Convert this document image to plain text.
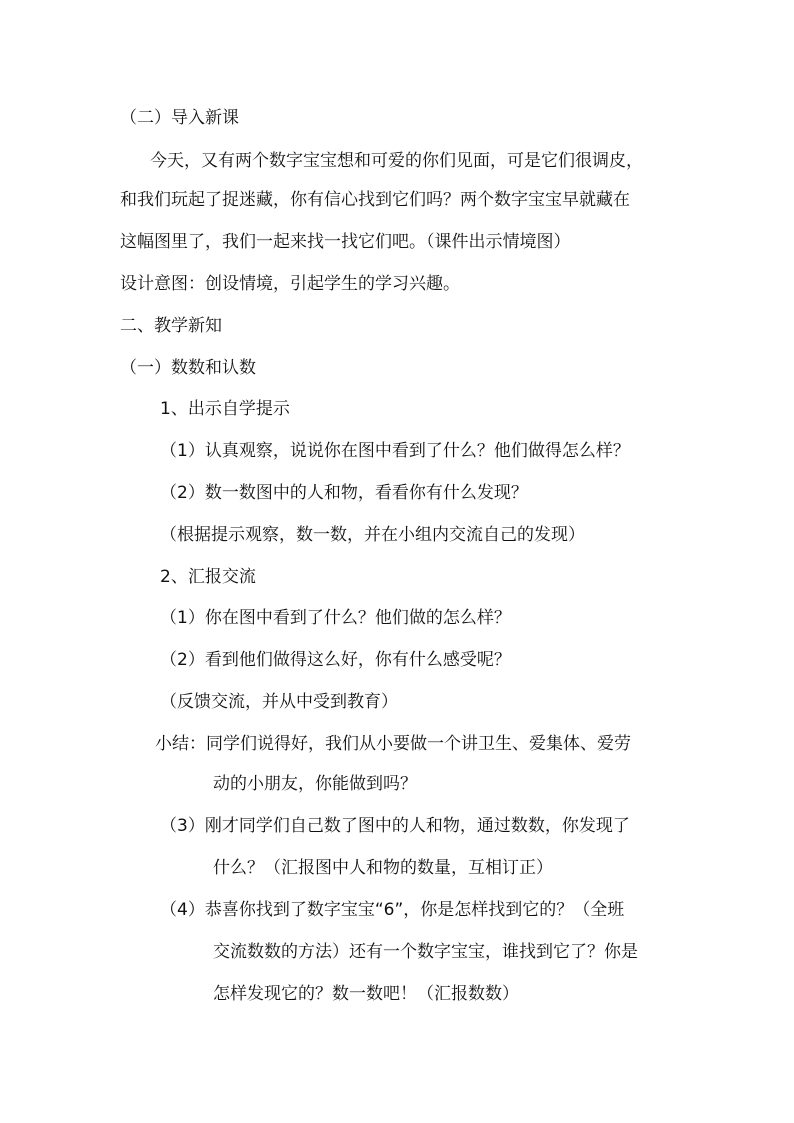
（二）导入新课
今天，又有两个数字宝宝想和可爱的你们见面，可是它们很调皮，
和我们玩起了捉迷藏，你有信心找到它们吗？两个数字宝宝早就藏在
这幅图里了，我们一起来找一找它们吧。（课件出示情境图）
设计意图：创设情境，引起学生的学习兴趣。
二、教学新知
（一）数数和认数
1、出示自学提示
（1）认真观察，说说你在图中看到了什么？他们做得怎么样？
（2）数一数图中的人和物，看看你有什么发现？
（根据提示观察，数一数，并在小组内交流自己的发现）
2、汇报交流
（1）你在图中看到了什么？他们做的怎么样？
（2）看到他们做得这么好，你有什么感受呢？
（反馈交流，并从中受到教育）
小结：同学们说得好，我们从小要做一个讲卫生、爱集体、爱劳
动的小朋友，你能做到吗？
（3）刚才同学们自己数了图中的人和物，通过数数，你发现了
什么？（汇报图中人和物的数量，互相订正）
（4）恭喜你找到了数字宝宝“6”，你是怎样找到它的？（全班
交流数数的方法）还有一个数字宝宝，谁找到它了？你是
怎样发现它的？数一数吧！（汇报数数）
